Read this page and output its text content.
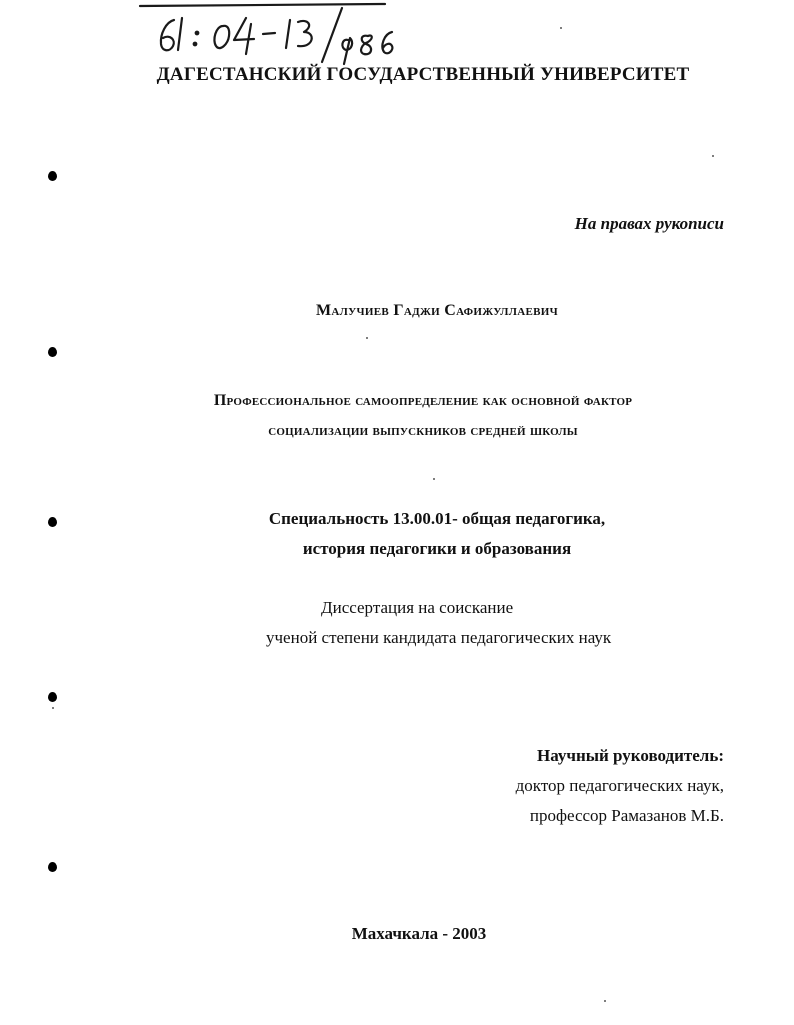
ДАГЕСТАНСКИЙ ГОСУДАРСТВЕННЫЙ УНИВЕРСИТЕТ
На правах рукописи
Малучиев Гаджи Сафижуллаевич
Профессиональное самоопределение как основной фактор
социализации выпускников средней школы
Специальность 13.00.01- общая педагогика,
история педагогики и образования
Диссертация на соискание
ученой степени кандидата педагогических наук
Научный руководитель:
доктор педагогических наук,
профессор Рамазанов М.Б.
Махачкала - 2003
